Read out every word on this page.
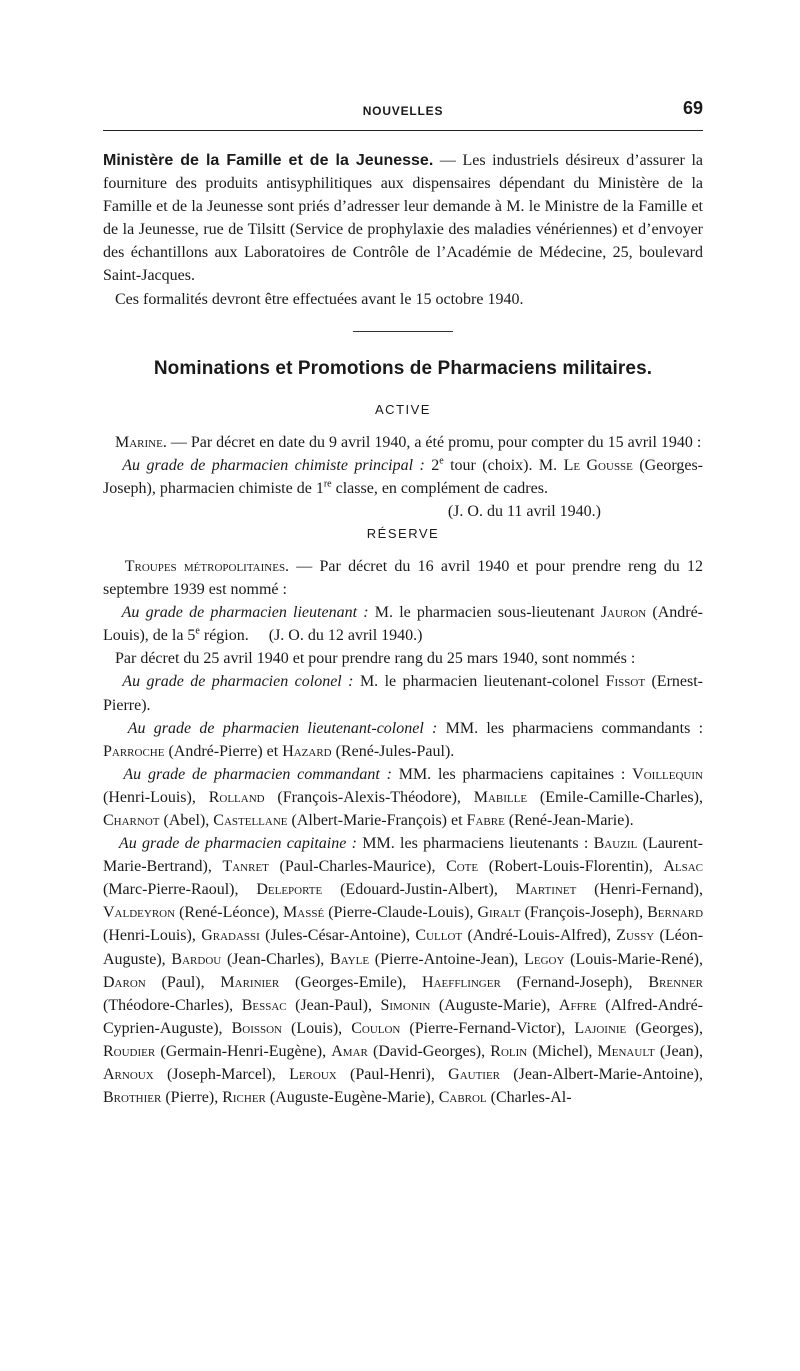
NOUVELLES	69

Ministère de la Famille et de la Jeunesse. — Les industriels désireux d’assurer la fourniture des produits antisyphilitiques aux dispensaires dépendant du Ministère de la Famille et de la Jeunesse sont priés d’adresser leur demande à M. le Ministre de la Famille et de la Jeunesse, rue de Tilsitt (Service de prophylaxie des maladies vénériennes) et d’envoyer des échantillons aux Laboratoires de Contrôle de l’Académie de Médecine, 25, boulevard Saint-Jacques.

Ces formalités devront être effectuées avant le 15 octobre 1940.

Nominations et Promotions de Pharmaciens militaires.
ACTIVE

Marine. — Par décret en date du 9 avril 1940, a été promu, pour compter du 15 avril 1940 :

Au grade de pharmacien chimiste principal : 2e tour (choix). M. Le Gousse (Georges-Joseph), pharmacien chimiste de 1re classe, en complément de cadres.
(J. O. du 11 avril 1940.)

RÉSERVE

Troupes métropolitaines. — Par décret du 16 avril 1940 et pour prendre reng du 12 septembre 1939 est nommé :

Au grade de pharmacien lieutenant : M. le pharmacien sous-lieutenant Jauron (André-Louis), de la 5e région. (J. O. du 12 avril 1940.)

Par décret du 25 avril 1940 et pour prendre rang du 25 mars 1940, sont nommés :

Au grade de pharmacien colonel : M. le pharmacien lieutenant-colonel Fissot (Ernest-Pierre).

Au grade de pharmacien lieutenant-colonel : MM. les pharmaciens commandants : Parroche (André-Pierre) et Hazard (René-Jules-Paul).

Au grade de pharmacien commandant : MM. les pharmaciens capitaines : Voillequin (Henri-Louis), Rolland (François-Alexis-Théodore), Mabille (Emile-Camille-Charles), Charnot (Abel), Castellane (Albert-Marie-François) et Fabre (René-Jean-Marie).

Au grade de pharmacien capitaine : MM. les pharmaciens lieutenants : Bauzil (Laurent-Marie-Bertrand), Tanret (Paul-Charles-Maurice), Cote (Robert-Louis-Florentin), Alsac (Marc-Pierre-Raoul), Deleporte (Edouard-Justin-Albert), Martinet (Henri-Fernand), Valdeyron (René-Léonce), Massé (Pierre-Claude-Louis), Giralt (François-Joseph), Bernard (Henri-Louis), Gradassi (Jules-César-Antoine), Cullot (André-Louis-Alfred), Zussy (Léon-Auguste), Bardou (Jean-Charles), Bayle (Pierre-Antoine-Jean), Legoy (Louis-Marie-René), Daron (Paul), Marinier (Georges-Emile), Haefflinger (Fernand-Joseph), Brenner (Théodore-Charles), Bessac (Jean-Paul), Simonin (Auguste-Marie), Affre (Alfred-André-Cyprien-Auguste), Boisson (Louis), Coulon (Pierre-Fernand-Victor), Lajoinie (Georges), Roudier (Germain-Henri-Eugène), Amar (David-Georges), Rolin (Michel), Menault (Jean), Arnoux (Joseph-Marcel), Leroux (Paul-Henri), Gautier (Jean-Albert-Marie-Antoine), Brothier (Pierre), Richer (Auguste-Eugène-Marie), Cabrol (Charles-Al-
